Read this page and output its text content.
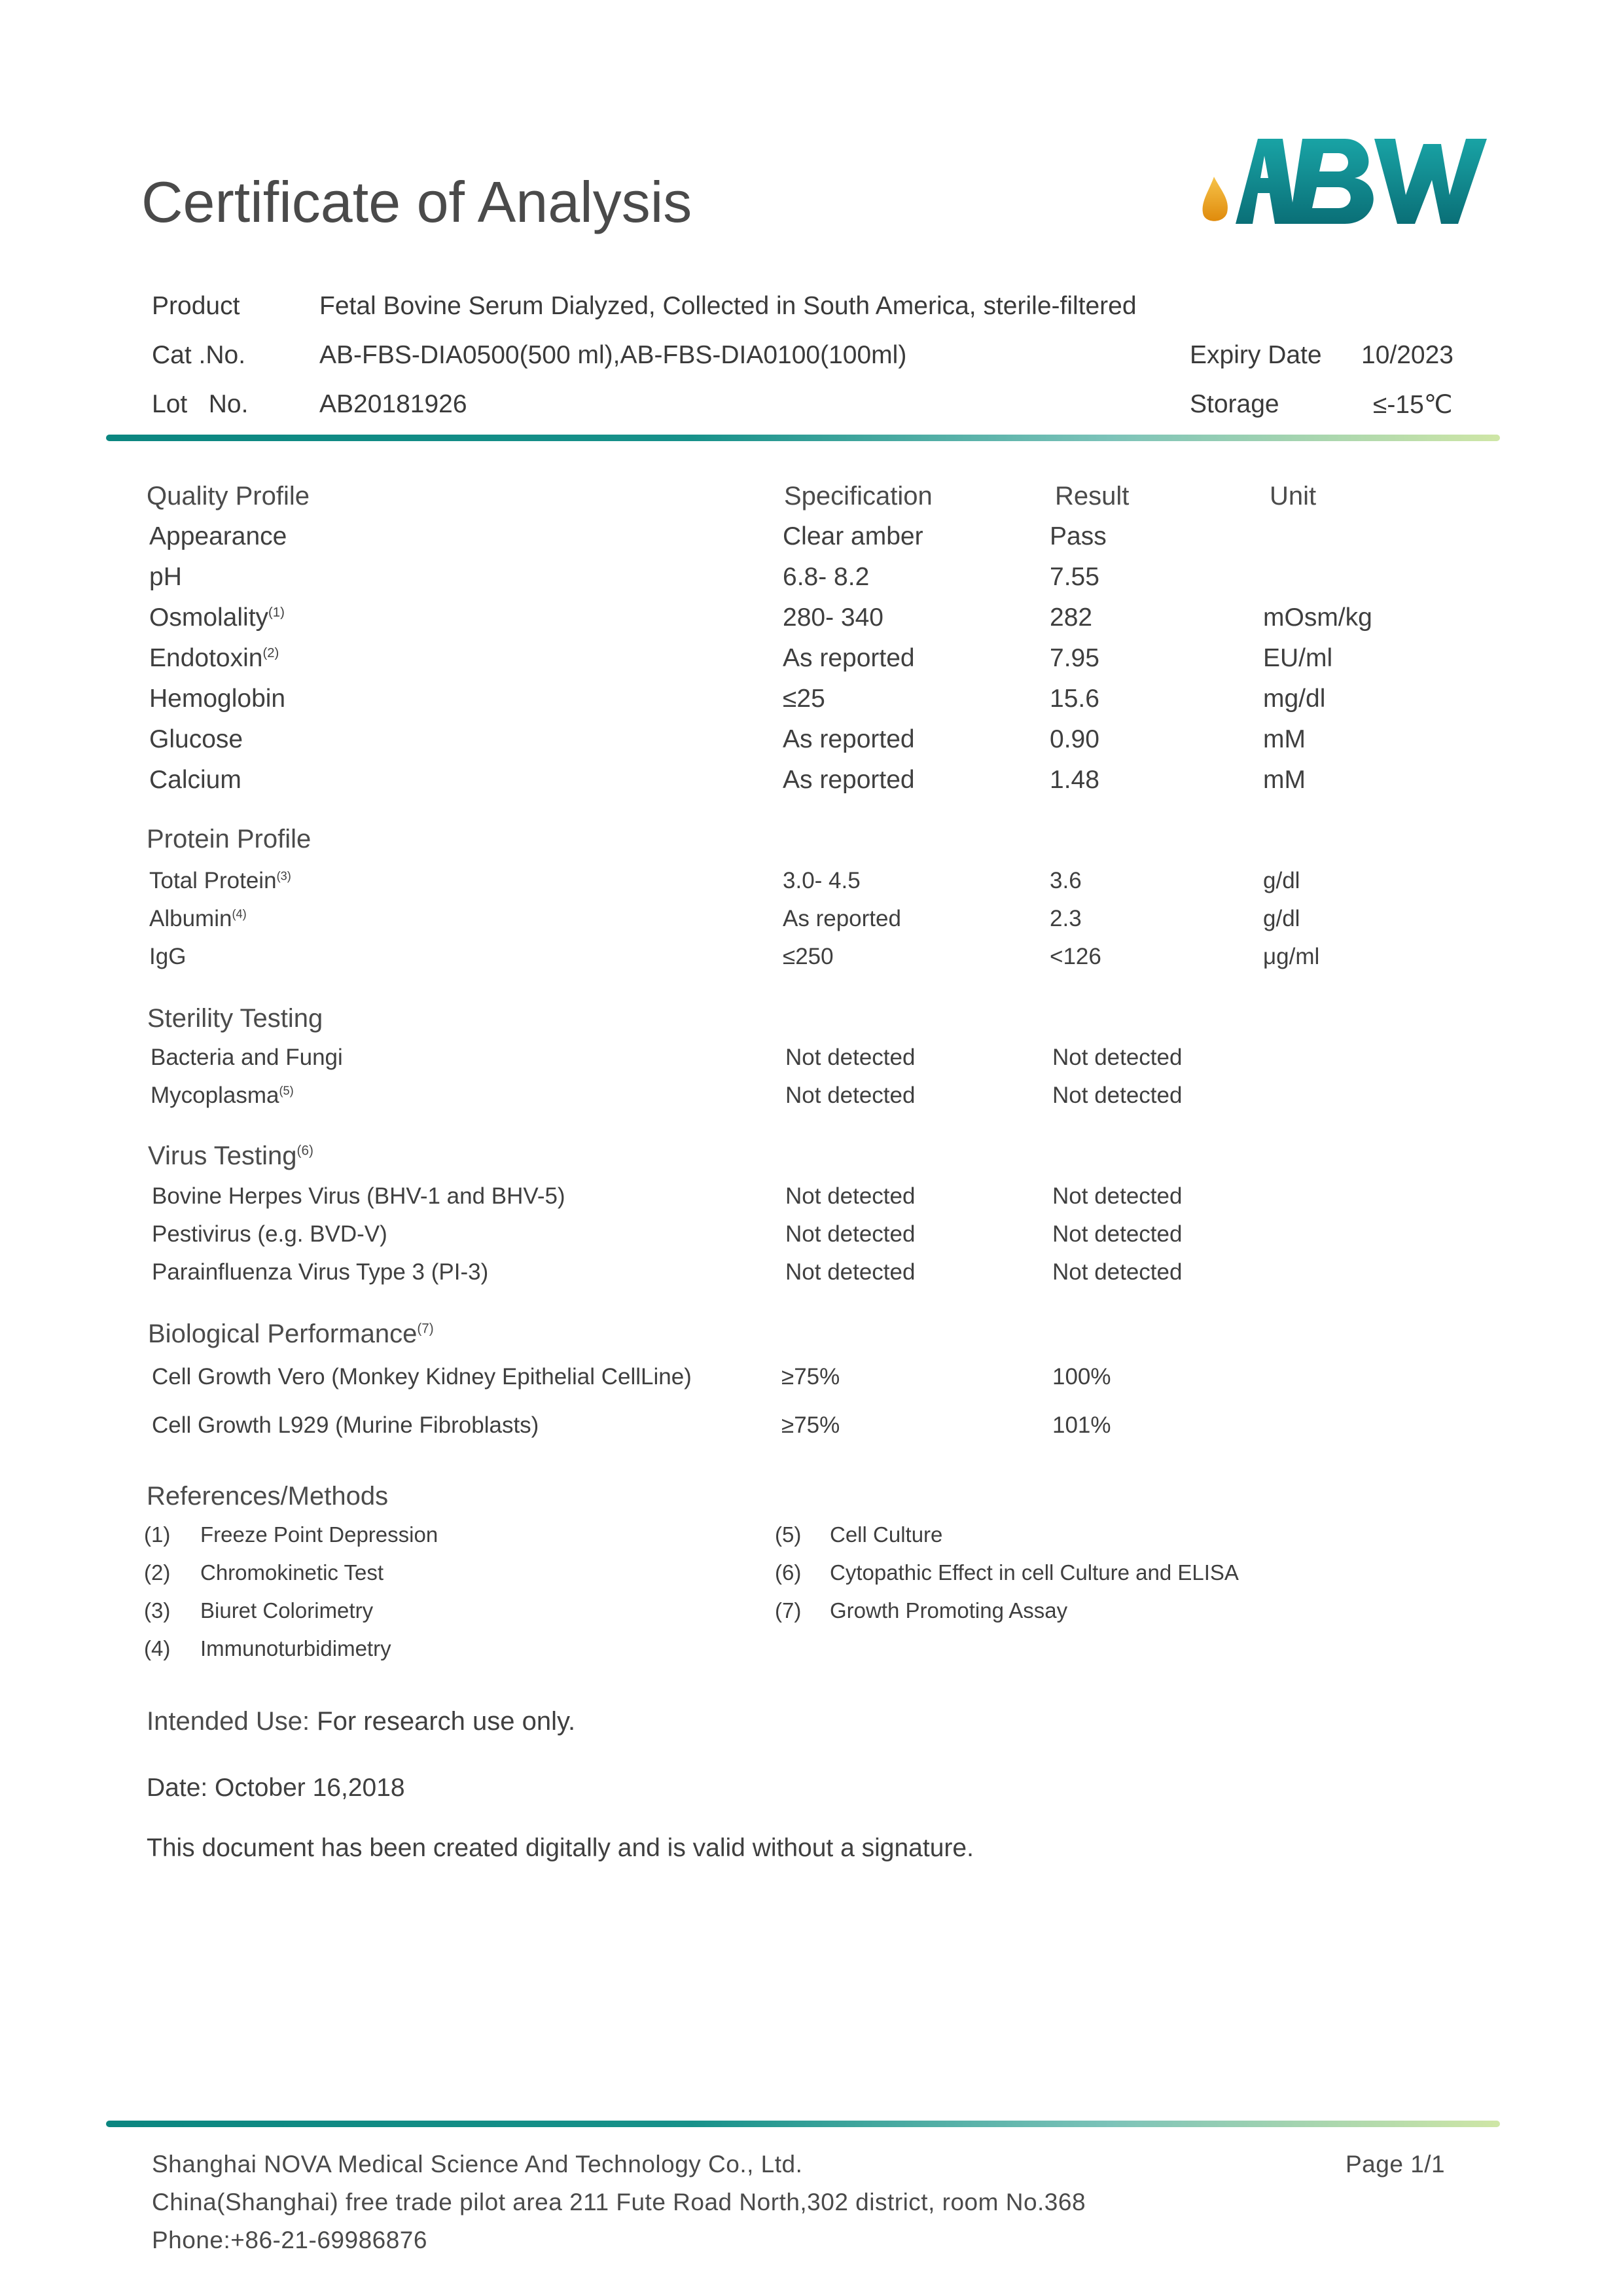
Certificate of Analysis
Product	Fetal Bovine Serum Dialyzed, Collected in South America, sterile-filtered
Cat .No.	AB-FBS-DIA0500(500 ml),AB-FBS-DIA0100(100ml)	Expiry Date 10/2023
Lot   No.	AB20181926	Storage	≤-15℃
Quality Profile	Specification	Result	Unit
Appearance	Clear amber	Pass
pH	6.8- 8.2	7.55
Osmolality$^{(1)}$	280- 340	282	mOsm/kg
Endotoxin$^{(2)}$	As reported	7.95	EU/ml
Hemoglobin	≤25	15.6	mg/dl
Glucose	As reported	0.90	mM
Calcium	As reported	1.48	mM
Protein Profile
Total Protein$^{(3)}$	3.0- 4.5	3.6	g/dl
Albumin$^{(4)}$	As reported	2.3	g/dl
IgG	≤250	<126	μg/ml
Sterility Testing
Bacteria and Fungi	Not detected	Not detected
Mycoplasma$^{(5)}$	Not detected	Not detected
Virus Testing$^{(6)}$
Bovine Herpes Virus (BHV-1 and BHV-5)	Not detected	Not detected
Pestivirus (e.g. BVD-V)	Not detected	Not detected
Parainfluenza Virus Type 3 (PI-3)	Not detected	Not detected
Biological Performance$^{(7)}$
Cell Growth Vero (Monkey Kidney Epithelial CellLine)	≥75%	100%
Cell Growth L929 (Murine Fibroblasts)	≥75%	101%
References/Methods
(1) Freeze Point Depression
(2) Chromokinetic Test
(3) Biuret Colorimetry
(4) Immunoturbidimetry
(5) Cell Culture
(6) Cytopathic Effect in cell Culture and ELISA
(7) Growth Promoting Assay
Intended Use: For research use only.
Date: October 16,2018
This document has been created digitally and is valid without a signature.
Shanghai NOVA Medical Science And Technology Co., Ltd.	Page 1/1
China(Shanghai) free trade pilot area 211 Fute Road North,302 district, room No.368
Phone:+86-21-69986876
